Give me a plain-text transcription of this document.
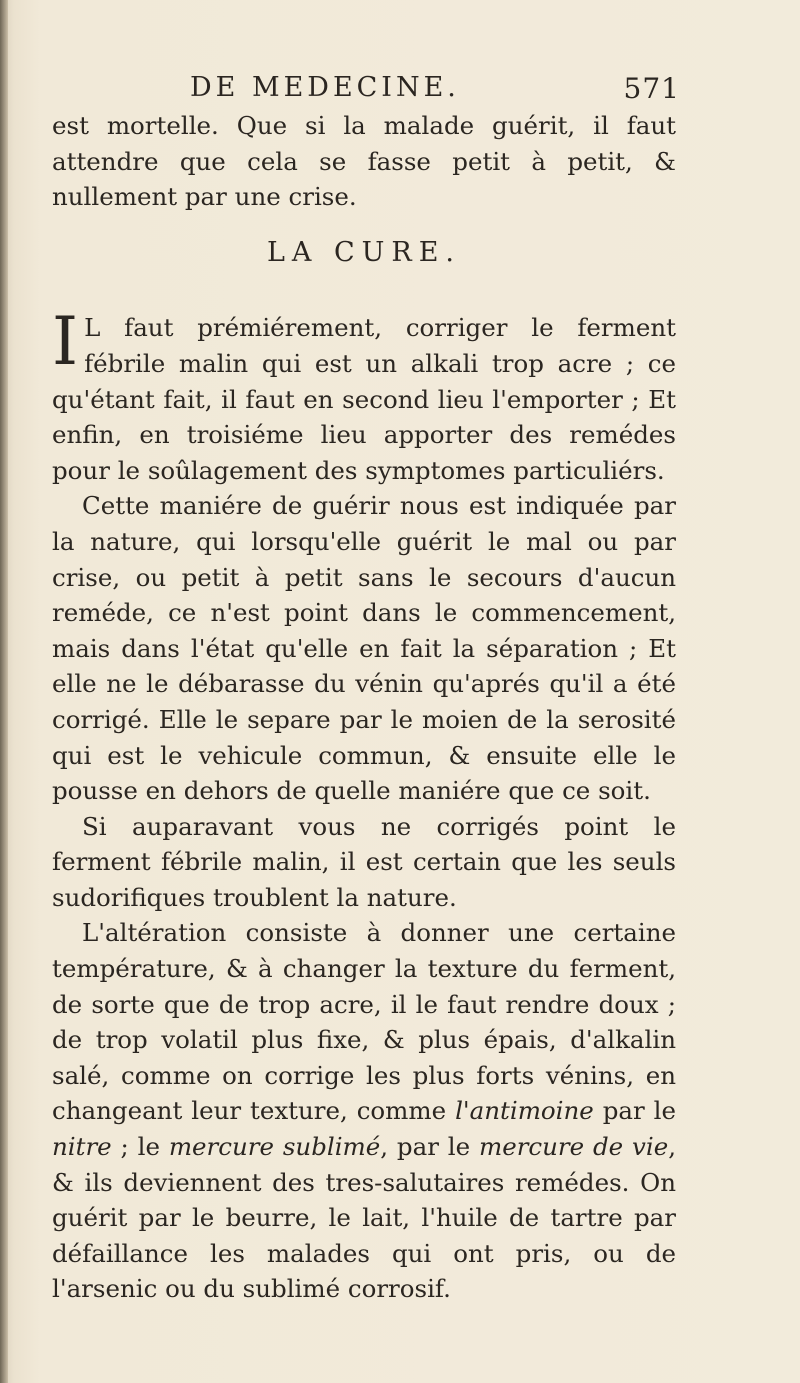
DE MEDECINE.	571

est mortelle. Que si la malade guérit, il faut attendre que cela se fasse petit à petit, & nullement par une crise.

LA CURE.

I L faut prémiérement, corriger le ferment fébrile malin qui est un alkali trop acre ; ce qu'étant fait, il faut en second lieu l'emporter ; Et enfin, en troisiéme lieu apporter des remédes pour le soûlagement des symptomes particuliérs.

Cette maniére de guérir nous est indiquée par la nature, qui lorsqu'elle guérit le mal ou par crise, ou petit à petit sans le secours d'aucun reméde, ce n'est point dans le commencement, mais dans l'état qu'elle en fait la séparation ; Et elle ne le débarasse du vénin qu'aprés qu'il a été corrigé. Elle le separe par le moien de la serosité qui est le vehicule commun, & ensuite elle le pousse en dehors de quelle maniére que ce soit.

Si auparavant vous ne corrigés point le ferment fébrile malin, il est certain que les seuls sudorifiques troublent la nature.

L'altération consiste à donner une certaine température, & à changer la texture du ferment, de sorte que de trop acre, il le faut rendre doux ; de trop volatil plus fixe, & plus épais, d'alkalin salé, comme on corrige les plus forts vénins, en changeant leur texture, comme l'antimoine par le nitre ; le mercure sublimé, par le mercure de vie, & ils deviennent des tres-salutaires remédes. On guérit par le beurre, le lait, l'huile de tartre par défaillance les malades qui ont pris, ou de l'arsenic ou du sublimé corrosif.
